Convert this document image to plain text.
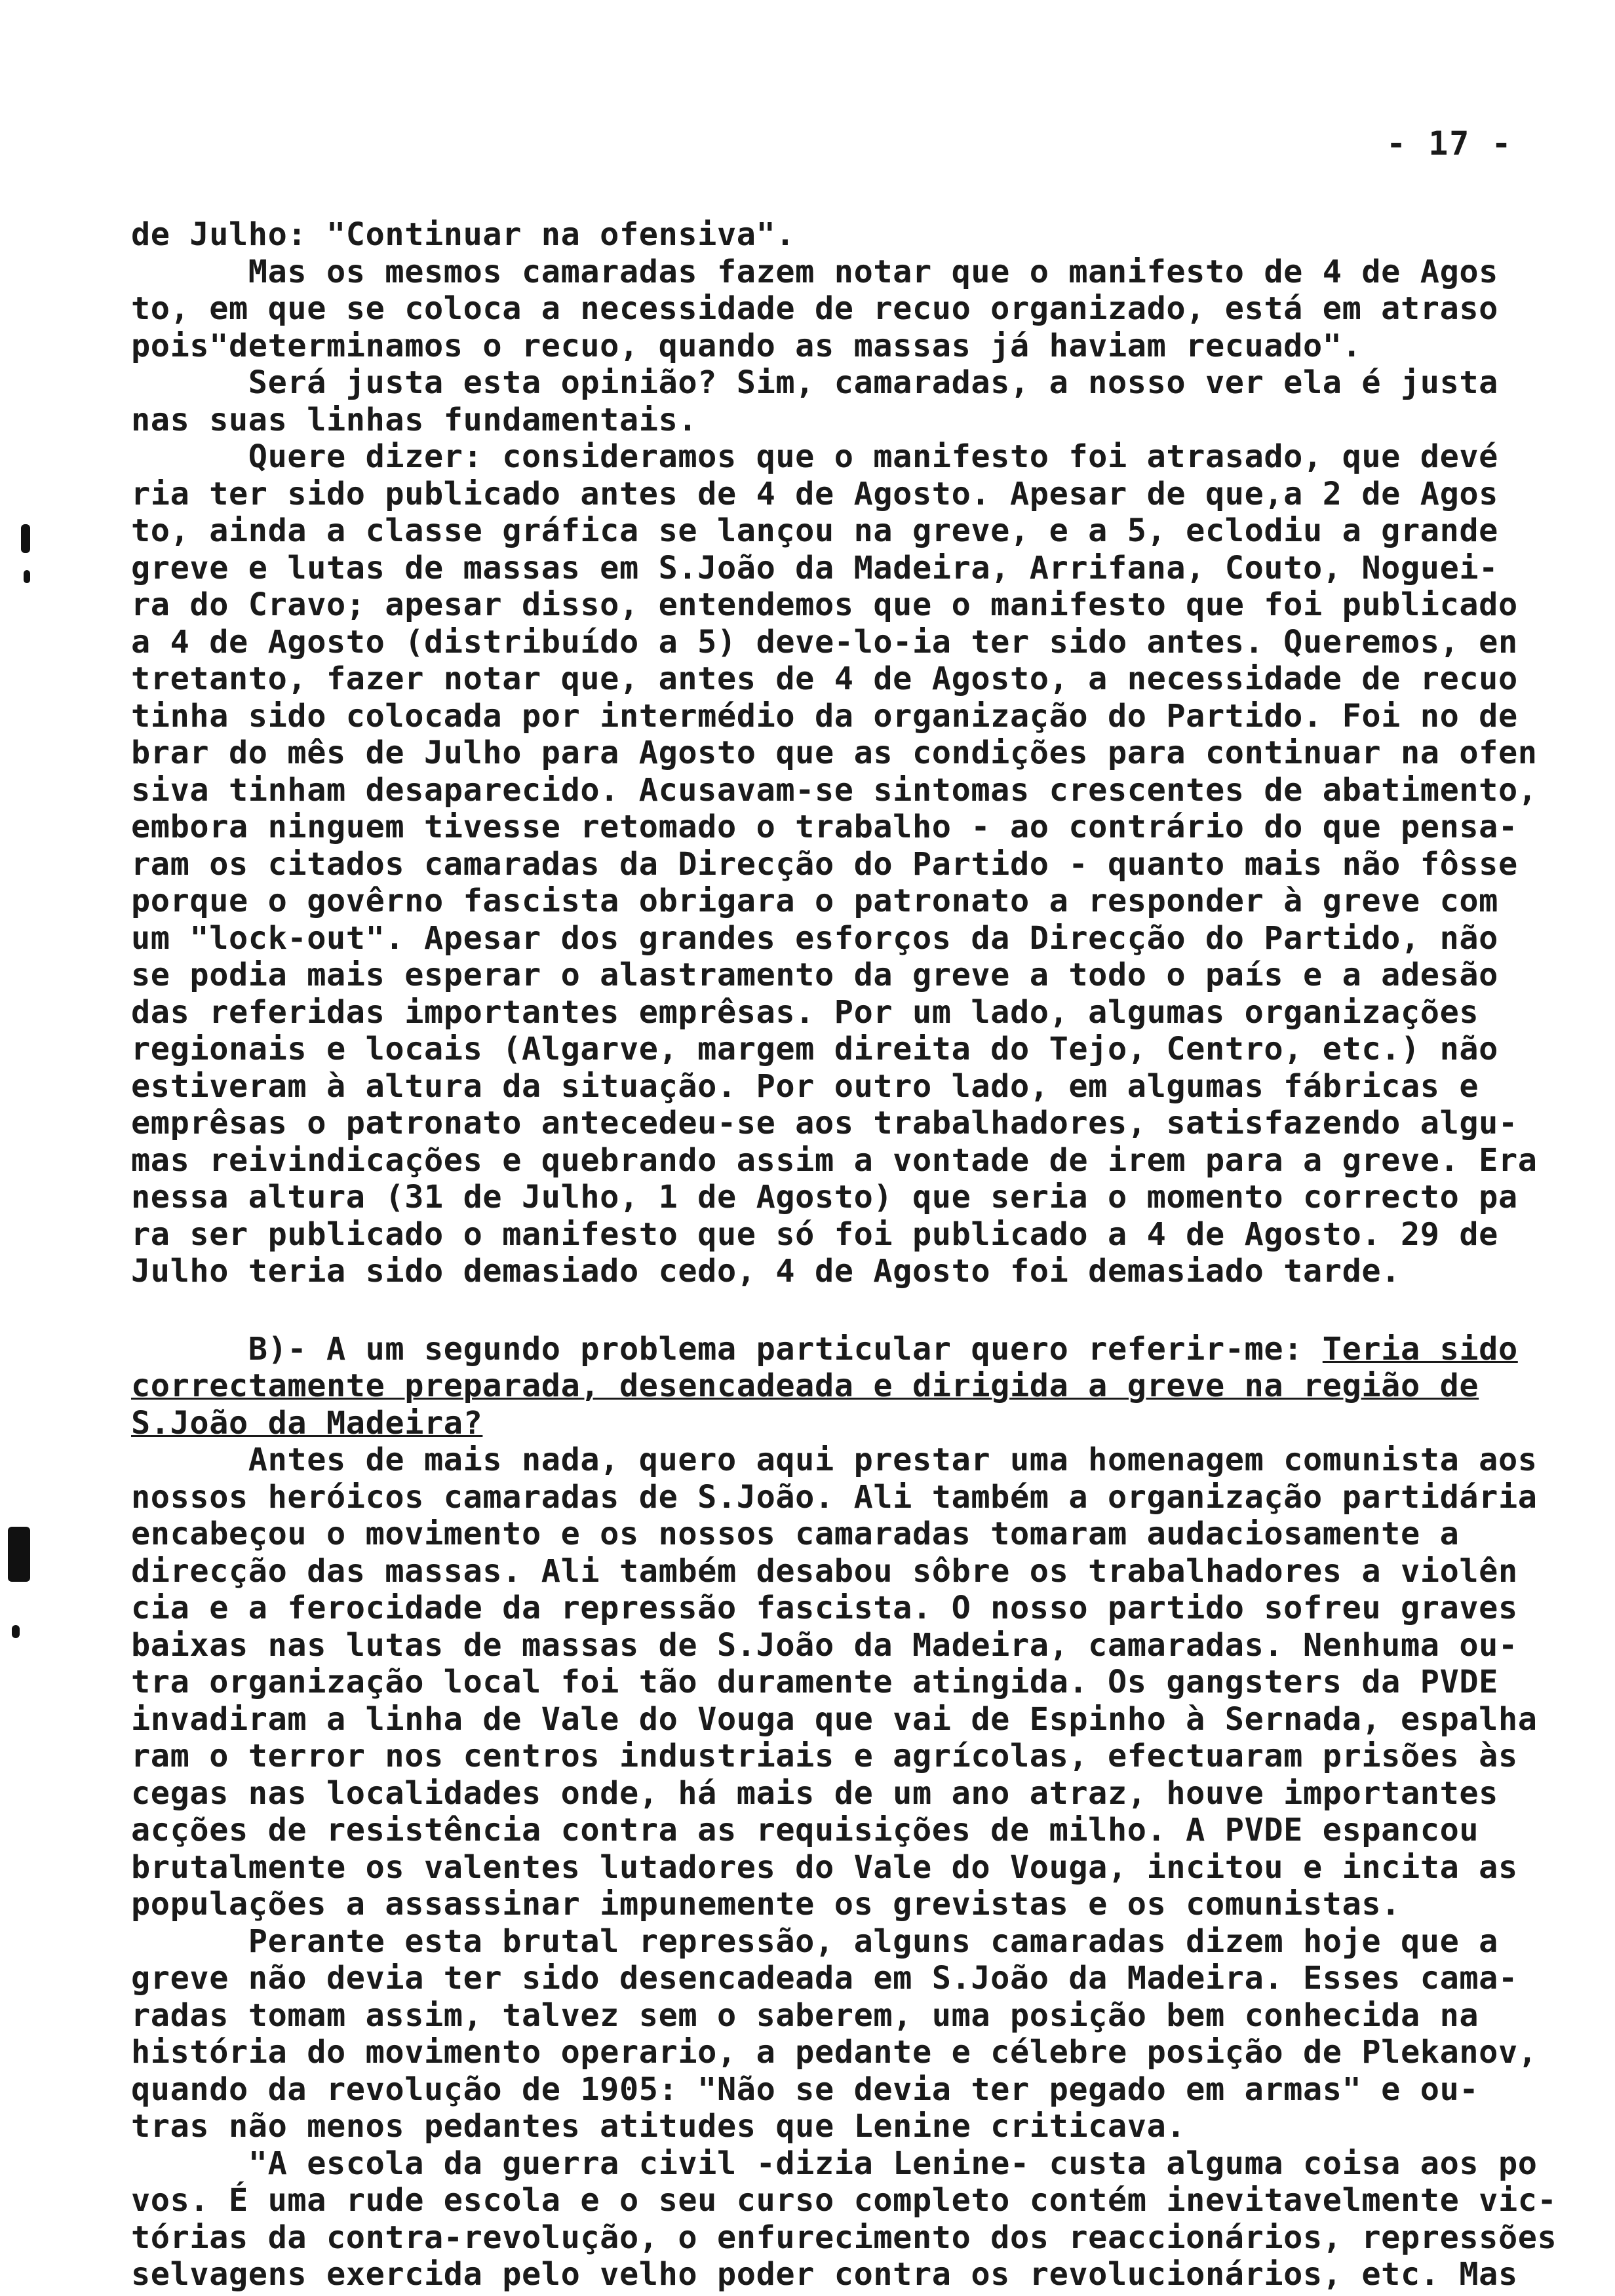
- 17 -
de Julho: "Continuar na ofensiva".
Mas os mesmos camaradas fazem notar que o manifesto de 4 de Agos
to, em que se coloca a necessidade de recuo organizado, está em atraso
pois"determinamos o recuo, quando as massas já haviam recuado".
Será justa esta opinião? Sim, camaradas, a nosso ver ela é justa
nas suas linhas fundamentais.
Quere dizer: consideramos que o manifesto foi atrasado, que devé
ria ter sido publicado antes de 4 de Agosto. Apesar de que,a 2 de Agos
to, ainda a classe gráfica se lançou na greve, e a 5, eclodiu a grande
greve e lutas de massas em S.João da Madeira, Arrifana, Couto, Noguei-
ra do Cravo; apesar disso, entendemos que o manifesto que foi publicado
a 4 de Agosto (distribuído a 5) deve-lo-ia ter sido antes. Queremos, en
tretanto, fazer notar que, antes de 4 de Agosto, a necessidade de recuo
tinha sido colocada por intermédio da organização do Partido. Foi no de
brar do mês de Julho para Agosto que as condições para continuar na ofen
siva tinham desaparecido. Acusavam-se sintomas crescentes de abatimento,
embora ninguem tivesse retomado o trabalho - ao contrário do que pensa-
ram os citados camaradas da Direcção do Partido - quanto mais não fôsse
porque o govêrno fascista obrigara o patronato a responder à greve com
um "lock-out". Apesar dos grandes esforços da Direcção do Partido, não
se podia mais esperar o alastramento da greve a todo o país e a adesão
das referidas importantes emprêsas. Por um lado, algumas organizações
regionais e locais (Algarve, margem direita do Tejo, Centro, etc.) não
estiveram à altura da situação. Por outro lado, em algumas fábricas e
emprêsas o patronato antecedeu-se aos trabalhadores, satisfazendo algu-
mas reivindicações e quebrando assim a vontade de irem para a greve. Era
nessa altura (31 de Julho, 1 de Agosto) que seria o momento correcto pa
ra ser publicado o manifesto que só foi publicado a 4 de Agosto. 29 de
Julho teria sido demasiado cedo, 4 de Agosto foi demasiado tarde.
B)- A um segundo problema particular quero referir-me: Teria sido
correctamente preparada, desencadeada e dirigida a greve na região de
S.João da Madeira?
Antes de mais nada, quero aqui prestar uma homenagem comunista aos
nossos heróicos camaradas de S.João. Ali também a organização partidária
encabeçou o movimento e os nossos camaradas tomaram audaciosamente a
direcção das massas. Ali também desabou sôbre os trabalhadores a violên
cia e a ferocidade da repressão fascista. O nosso partido sofreu graves
baixas nas lutas de massas de S.João da Madeira, camaradas. Nenhuma ou-
tra organização local foi tão duramente atingida. Os gangsters da PVDE
invadiram a linha de Vale do Vouga que vai de Espinho à Sernada, espalha
ram o terror nos centros industriais e agrícolas, efectuaram prisões às
cegas nas localidades onde, há mais de um ano atraz, houve importantes
acções de resistência contra as requisições de milho. A PVDE espancou
brutalmente os valentes lutadores do Vale do Vouga, incitou e incita as
populações a assassinar impunemente os grevistas e os comunistas.
Perante esta brutal repressão, alguns camaradas dizem hoje que a
greve não devia ter sido desencadeada em S.João da Madeira. Esses cama-
radas tomam assim, talvez sem o saberem, uma posição bem conhecida na
história do movimento operario, a pedante e célebre posição de Plekanov,
quando da revolução de 1905: "Não se devia ter pegado em armas" e ou-
tras não menos pedantes atitudes que Lenine criticava.
"A escola da guerra civil -dizia Lenine- custa alguma coisa aos po
vos. É uma rude escola e o seu curso completo contém inevitavelmente vic-
tórias da contra-revolução, o enfurecimento dos reaccionários, repressões
selvagens exercida pelo velho poder contra os revolucionários, etc. Mas
